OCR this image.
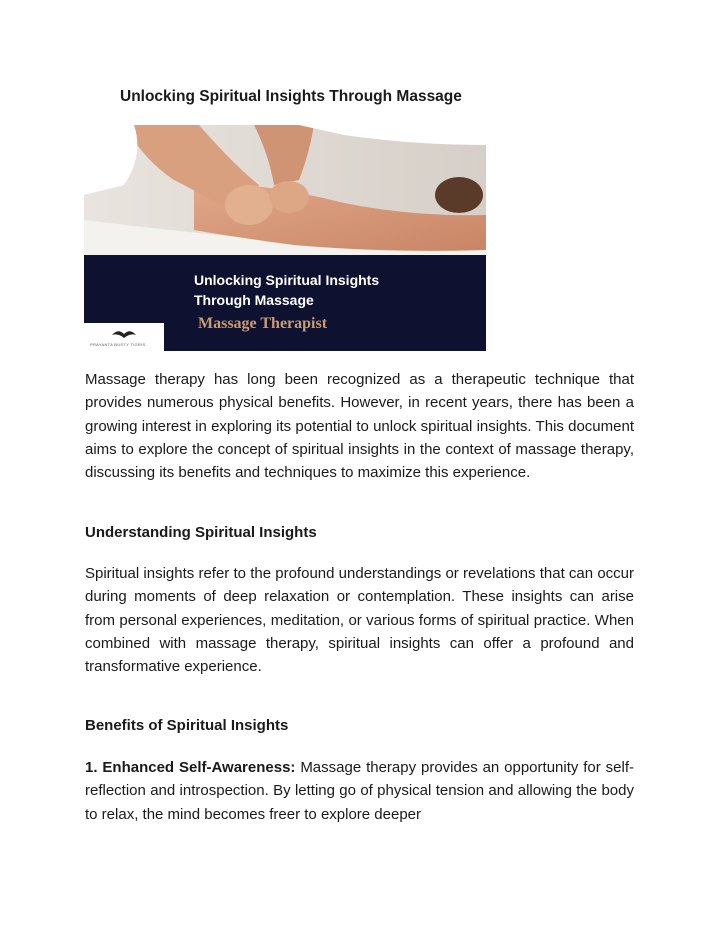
Unlocking Spiritual Insights Through Massage
Unlocking Spiritual Insights
Through Massage
Massage Therapist
PRAYANTA BUSTY TIGRIS

Massage therapy has long been recognized as a therapeutic technique that provides numerous physical benefits. However, in recent years, there has been a growing interest in exploring its potential to unlock spiritual insights. This document aims to explore the concept of spiritual insights in the context of massage therapy, discussing its benefits and techniques to maximize this experience.

Understanding Spiritual Insights

Spiritual insights refer to the profound understandings or revelations that can occur during moments of deep relaxation or contemplation. These insights can arise from personal experiences, meditation, or various forms of spiritual practice. When combined with massage therapy, spiritual insights can offer a profound and transformative experience.

Benefits of Spiritual Insights

1. Enhanced Self-Awareness: Massage therapy provides an opportunity for self-reflection and introspection. By letting go of physical tension and allowing the body to relax, the mind becomes freer to explore deeper
